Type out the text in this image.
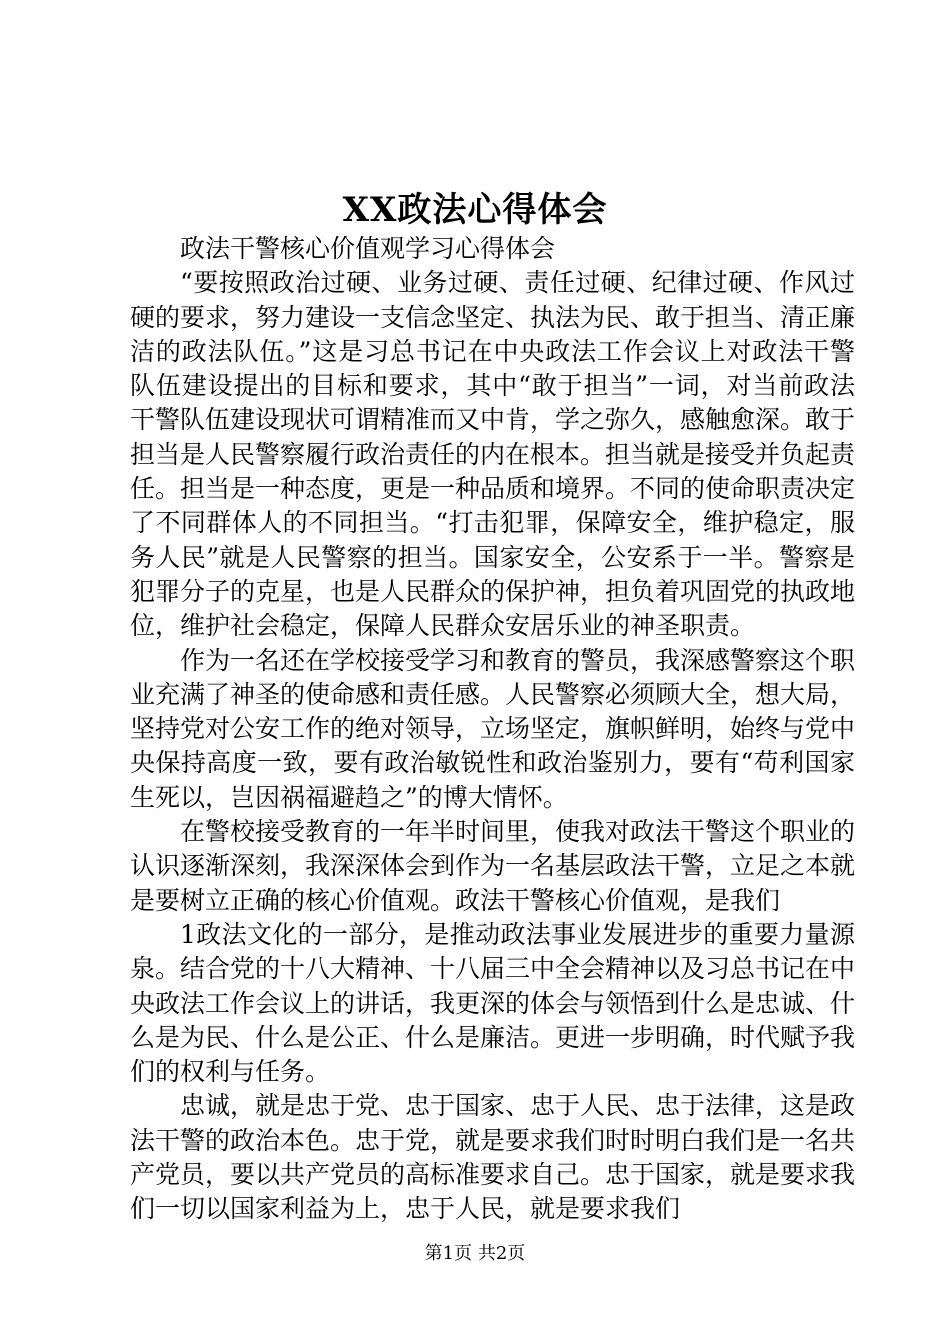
XX政法心得体会

政法干警核心价值观学习心得体会

“要按照政治过硬、业务过硬、责任过硬、纪律过硬、作风过硬的要求，努力建设一支信念坚定、执法为民、敢于担当、清正廉洁的政法队伍。”这是习总书记在中央政法工作会议上对政法干警队伍建设提出的目标和要求，其中“敢于担当”一词，对当前政法干警队伍建设现状可谓精准而又中肯，学之弥久，感触愈深。敢于担当是人民警察履行政治责任的内在根本。担当就是接受并负起责任。担当是一种态度，更是一种品质和境界。不同的使命职责决定了不同群体人的不同担当。“打击犯罪，保障安全，维护稳定，服务人民”就是人民警察的担当。国家安全，公安系于一半。警察是犯罪分子的克星，也是人民群众的保护神，担负着巩固党的执政地位，维护社会稳定，保障人民群众安居乐业的神圣职责。

作为一名还在学校接受学习和教育的警员，我深感警察这个职业充满了神圣的使命感和责任感。人民警察必须顾大全，想大局，坚持党对公安工作的绝对领导，立场坚定，旗帜鲜明，始终与党中央保持高度一致，要有政治敏锐性和政治鉴别力，要有“苟利国家生死以，岂因祸福避趋之”的博大情怀。

在警校接受教育的一年半时间里，使我对政法干警这个职业的认识逐渐深刻，我深深体会到作为一名基层政法干警，立足之本就是要树立正确的核心价值观。政法干警核心价值观，是我们

1政法文化的一部分，是推动政法事业发展进步的重要力量源泉。结合党的十八大精神、十八届三中全会精神以及习总书记在中央政法工作会议上的讲话，我更深的体会与领悟到什么是忠诚、什么是为民、什么是公正、什么是廉洁。更进一步明确，时代赋予我们的权利与任务。

忠诚，就是忠于党、忠于国家、忠于人民、忠于法律，这是政法干警的政治本色。忠于党，就是要求我们时时明白我们是一名共产党员，要以共产党员的高标准要求自己。忠于国家，就是要求我们一切以国家利益为上，忠于人民，就是要求我们

第1页 共2页
